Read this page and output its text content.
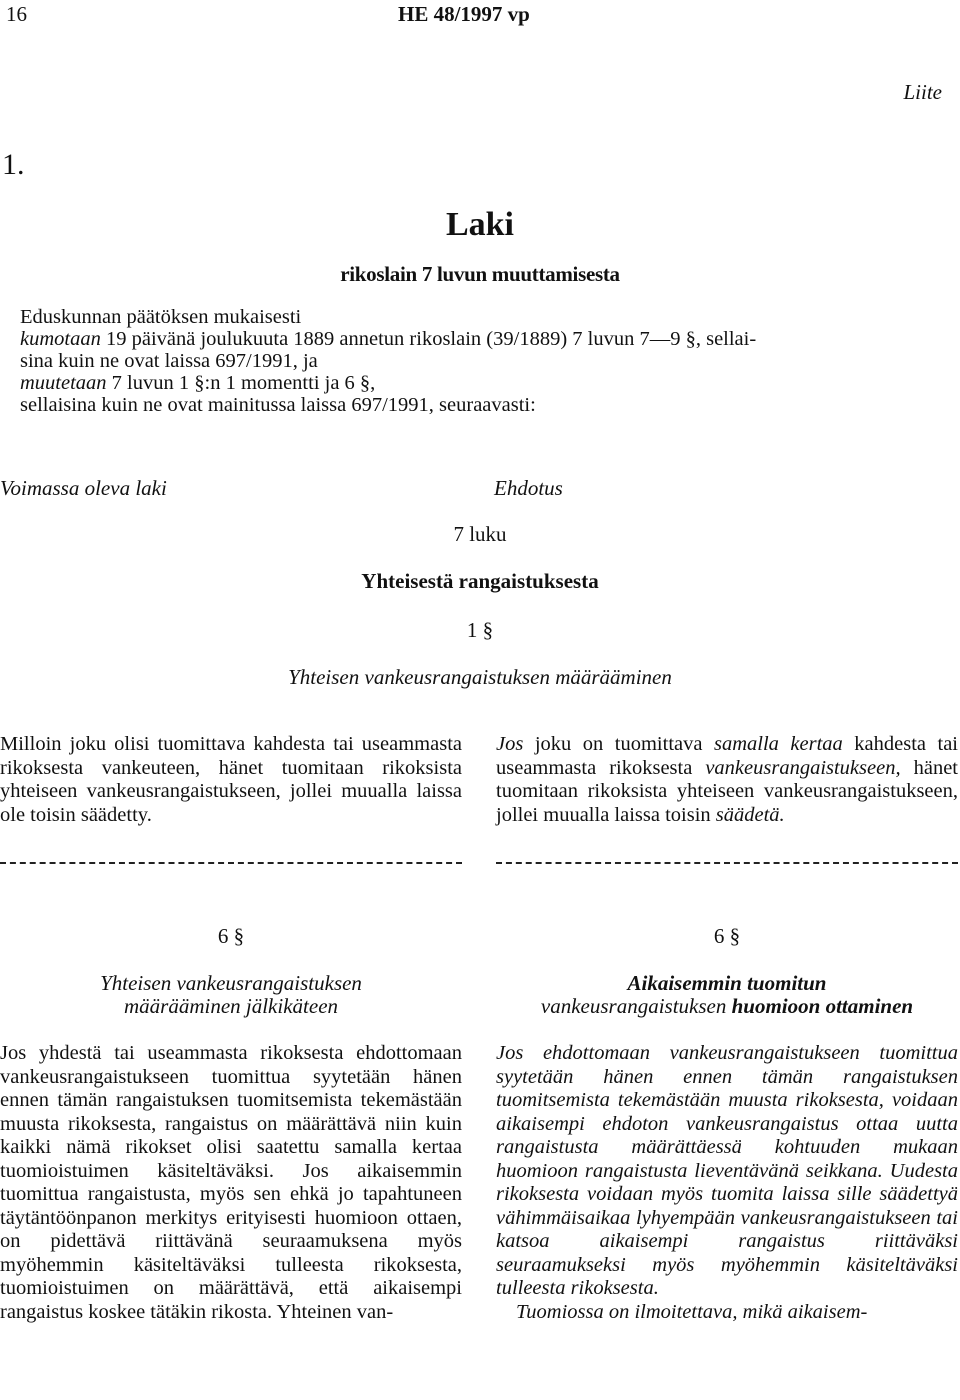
16	HE 48/1997 vp
Liite
1.
Laki
rikoslain 7 luvun muuttamisesta
Eduskunnan päätöksen mukaisesti
kumotaan 19 päivänä joulukuuta 1889 annetun rikoslain (39/1889) 7 luvun 7—9 §, sellai-
sina kuin ne ovat laissa 697/1991, ja
muutetaan 7 luvun 1 §:n 1 momentti ja 6 §,
sellaisina kuin ne ovat mainitussa laissa 697/1991, seuraavasti:
Voimassa oleva laki	Ehdotus
7 luku
Yhteisestä rangaistuksesta
1 §
Yhteisen vankeusrangaistuksen määrääminen

Milloin joku olisi tuomittava kahdesta tai useammasta rikoksesta vankeuteen, hänet tuomitaan rikoksista yhteiseen vankeusrangaistukseen, jollei muualla laissa ole toisin säädetty.

Jos joku on tuomittava samalla kertaa kahdesta tai useammasta rikoksesta vankeusrangaistukseen, hänet tuomitaan rikoksista yhteiseen vankeusrangaistukseen, jollei muualla laissa toisin säädetä.

6 §	6 §
Yhteisen vankeusrangaistuksen
määrääminen jälkikäteen
Aikaisemmin tuomitun
vankeusrangaistuksen huomioon ottaminen

Jos yhdestä tai useammasta rikoksesta ehdottomaan vankeusrangaistukseen tuomittua syytetään hänen ennen tämän rangaistuksen tuomitsemista tekemästään muusta rikoksesta, rangaistus on määrättävä niin kuin kaikki nämä rikokset olisi saatettu samalla kertaa tuomioistuimen käsiteltäväksi. Jos aikaisemmin tuomittua rangaistusta, myös sen ehkä jo tapahtuneen täytäntöönpanon merkitys erityisesti huomioon ottaen, on pidettävä riittävänä seuraamuksena myös myöhemmin käsiteltäväksi tulleesta rikoksesta, tuomioistuimen on määrättävä, että aikaisempi rangaistus koskee tätäkin rikosta. Yhteinen van-

Jos ehdottomaan vankeusrangaistukseen tuomittua syytetään hänen ennen tämän rangaistuksen tuomitsemista tekemästään muusta rikoksesta, voidaan aikaisempi ehdoton vankeusrangaistus ottaa uutta rangaistusta määrättäessä kohtuuden mukaan huomioon rangaistusta lieventävänä seikkana. Uudesta rikoksesta voidaan myös tuomita laissa sille säädettyä vähimmäisaikaa lyhyempään vankeusrangaistukseen tai katsoa aikaisempi rangaistus riittäväksi seuraamukseksi myös myöhemmin käsiteltäväksi tulleesta rikoksesta.

Tuomiossa on ilmoitettava, mikä aikaisem-
